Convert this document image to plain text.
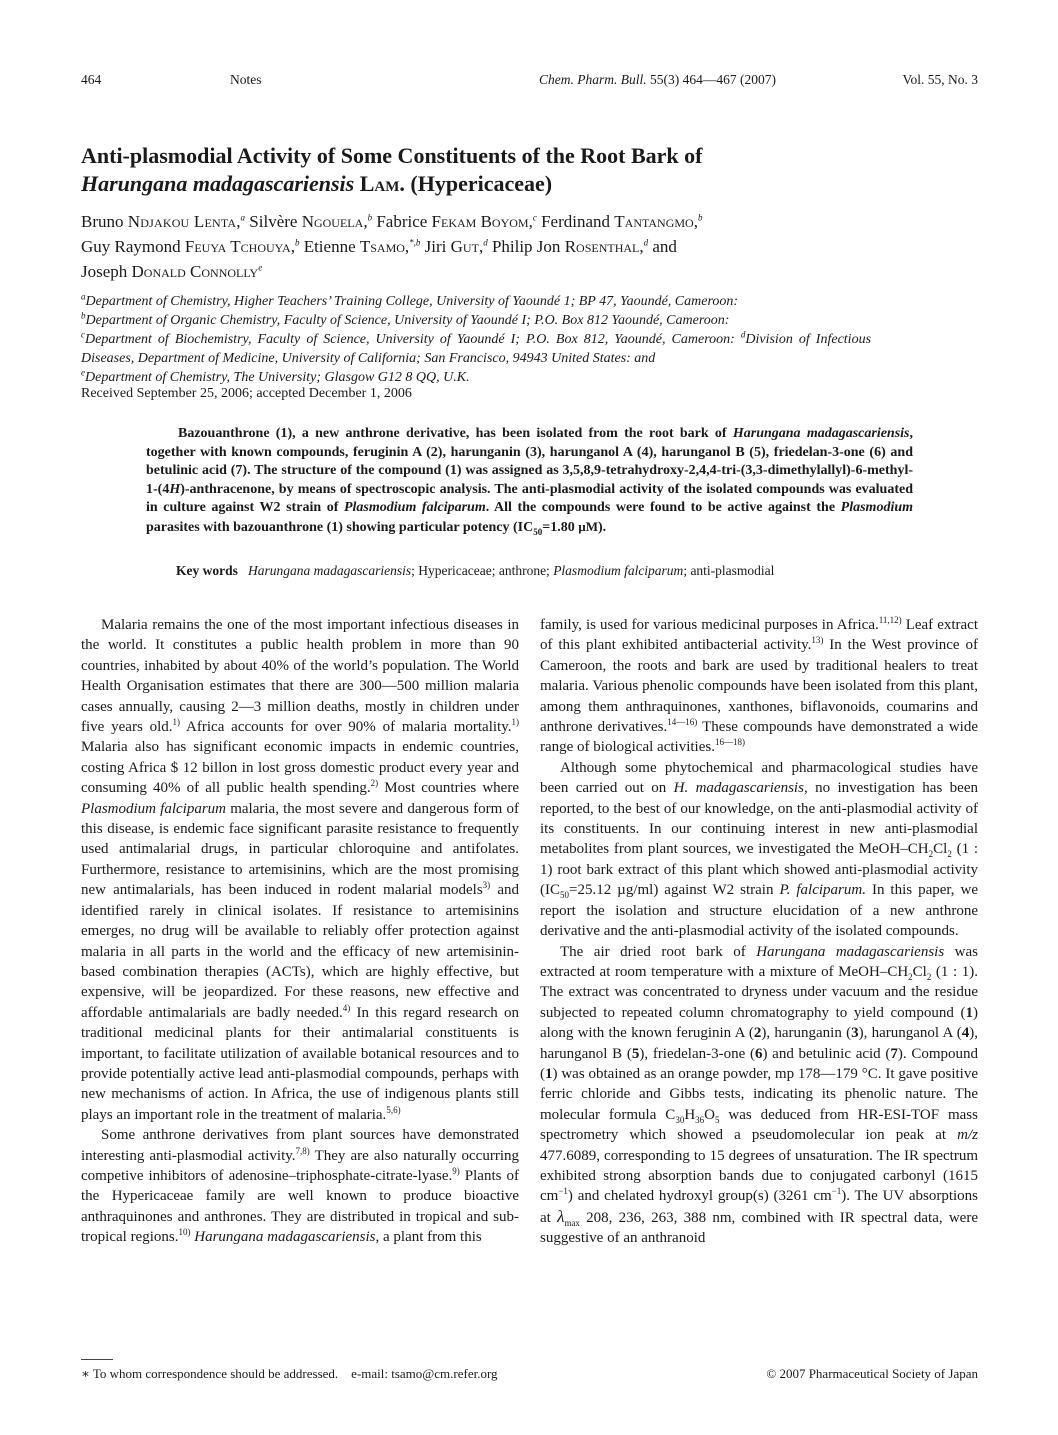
464	Notes	Chem. Pharm. Bull. 55(3) 464—467 (2007)	Vol. 55, No. 3
Anti-plasmodial Activity of Some Constituents of the Root Bark of
Harungana madagascariensis Lam. (Hypericaceae)
Bruno Ndjakou Lenta,$^a$ Silvère Ngouela,$^b$ Fabrice Fekam Boyom,$^c$ Ferdinand Tantangmo,$^b$
Guy Raymond Feuya Tchouya,$^b$ Etienne Tsamo,$^{*,b}$ Jiri Gut,$^d$ Philip Jon Rosenthal,$^d$ and
Joseph Donald Connolly$^e$
$^a$Department of Chemistry, Higher Teachers’ Training College, University of Yaoundé 1; BP 47, Yaoundé, Cameroon:
$^b$Department of Organic Chemistry, Faculty of Science, University of Yaoundé I; P.O. Box 812 Yaoundé, Cameroon:
$^c$Department of Biochemistry, Faculty of Science, University of Yaoundé I; P.O. Box 812, Yaoundé, Cameroon: $^d$Division of Infectious Diseases, Department of Medicine, University of California; San Francisco, 94943 United States: and
$^e$Department of Chemistry, The University; Glasgow G12 8 QQ, U.K.
Received September 25, 2006; accepted December 1, 2006
Bazouanthrone (1), a new anthrone derivative, has been isolated from the root bark of Harungana madagascariensis, together with known compounds, feruginin A (2), harunganin (3), harunganol A (4), harunganol B (5), friedelan-3-one (6) and betulinic acid (7). The structure of the compound (1) was assigned as 3,5,8,9-tetrahydroxy-2,4,4-tri-(3,3-dimethylallyl)-6-methyl-1-(4H)-anthracenone, by means of spectroscopic analysis. The anti-plasmodial activity of the isolated compounds was evaluated in culture against W2 strain of Plasmodium falciparum. All the compounds were found to be active against the Plasmodium parasites with bazouanthrone (1) showing particular potency ($IC_{50}=1.80$ µM).
Key words Harungana madagascariensis; Hypericaceae; anthrone; Plasmodium falciparum; anti-plasmodial

Malaria remains the one of the most important infectious diseases in the world. It constitutes a public health problem in more than 90 countries, inhabited by about 40% of the world’s population. The World Health Organisation estimates that there are 300—500 million malaria cases annually, causing 2—3 million deaths, mostly in children under five years old.$^{1)}$ Africa accounts for over 90% of malaria mortality.$^{1)}$ Malaria also has significant economic impacts in endemic countries, costing Africa $ 12 billon in lost gross domestic product every year and consuming 40% of all public health spending.$^{2)}$ Most countries where Plasmodium falciparum malaria, the most severe and dangerous form of this disease, is endemic face significant parasite resistance to frequently used antimalarial drugs, in particular chloroquine and antifolates. Furthermore, resistance to artemisinins, which are the most promising new antimalarials, has been induced in rodent malarial models$^{3)}$ and identified rarely in clinical isolates. If resistance to artemisinins emerges, no drug will be available to reliably offer protection against malaria in all parts in the world and the efficacy of new artemisinin-based combination therapies (ACTs), which are highly effective, but expensive, will be jeopardized. For these reasons, new effective and affordable antimalarials are badly needed.$^{4)}$ In this regard research on traditional medicinal plants for their antimalarial constituents is important, to facilitate utilization of available botanical resources and to provide potentially active lead anti-plasmodial compounds, perhaps with new mechanisms of action. In Africa, the use of indigenous plants still plays an important role in the treatment of malaria.$^{5,6)}$

Some anthrone derivatives from plant sources have demonstrated interesting anti-plasmodial activity.$^{7,8)}$ They are also naturally occurring competive inhibitors of adenosine–triphosphate-citrate-lyase.$^{9)}$ Plants of the Hypericaceae family are well known to produce bioactive anthraquinones and anthrones. They are distributed in tropical and sub-tropical regions.$^{10)}$ Harungana madagascariensis, a plant from this

family, is used for various medicinal purposes in Africa.$^{11,12)}$ Leaf extract of this plant exhibited antibacterial activity.$^{13)}$ In the West province of Cameroon, the roots and bark are used by traditional healers to treat malaria. Various phenolic compounds have been isolated from this plant, among them anthraquinones, xanthones, biflavonoids, coumarins and anthrone derivatives.$^{14—16)}$ These compounds have demonstrated a wide range of biological activities.$^{16—18)}$

Although some phytochemical and pharmacological studies have been carried out on H. madagascariensis, no investigation has been reported, to the best of our knowledge, on the anti-plasmodial activity of its constituents. In our continuing interest in new anti-plasmodial metabolites from plant sources, we investigated the MeOH–$CH_2Cl_2$ (1 : 1) root bark extract of this plant which showed anti-plasmodial activity ($IC_{50}=25.12$ µg/ml) against W2 strain P. falciparum. In this paper, we report the isolation and structure elucidation of a new anthrone derivative and the anti-plasmodial activity of the isolated compounds.

The air dried root bark of Harungana madagascariensis was extracted at room temperature with a mixture of MeOH–$CH_2Cl_2$ (1 : 1). The extract was concentrated to dryness under vacuum and the residue subjected to repeated column chromatography to yield compound (1) along with the known feruginin A (2), harunganin (3), harunganol A (4), harunganol B (5), friedelan-3-one (6) and betulinic acid (7). Compound (1) was obtained as an orange powder, mp 178—179 °C. It gave positive ferric chloride and Gibbs tests, indicating its phenolic nature. The molecular formula $C_{30}H_{36}O_5$ was deduced from HR-ESI-TOF mass spectrometry which showed a pseudomolecular ion peak at m/z 477.6089, corresponding to 15 degrees of unsaturation. The IR spectrum exhibited strong absorption bands due to conjugated carbonyl (1615 $cm^{-1}$) and chelated hydroxyl group(s) (3261 $cm^{-1}$). The UV absorptions at $\lambda_{max}$ 208, 236, 263, 388 nm, combined with IR spectral data, were suggestive of an anthranoid

∗ To whom correspondence should be addressed. e-mail: tsamo@cm.refer.org	© 2007 Pharmaceutical Society of Japan
